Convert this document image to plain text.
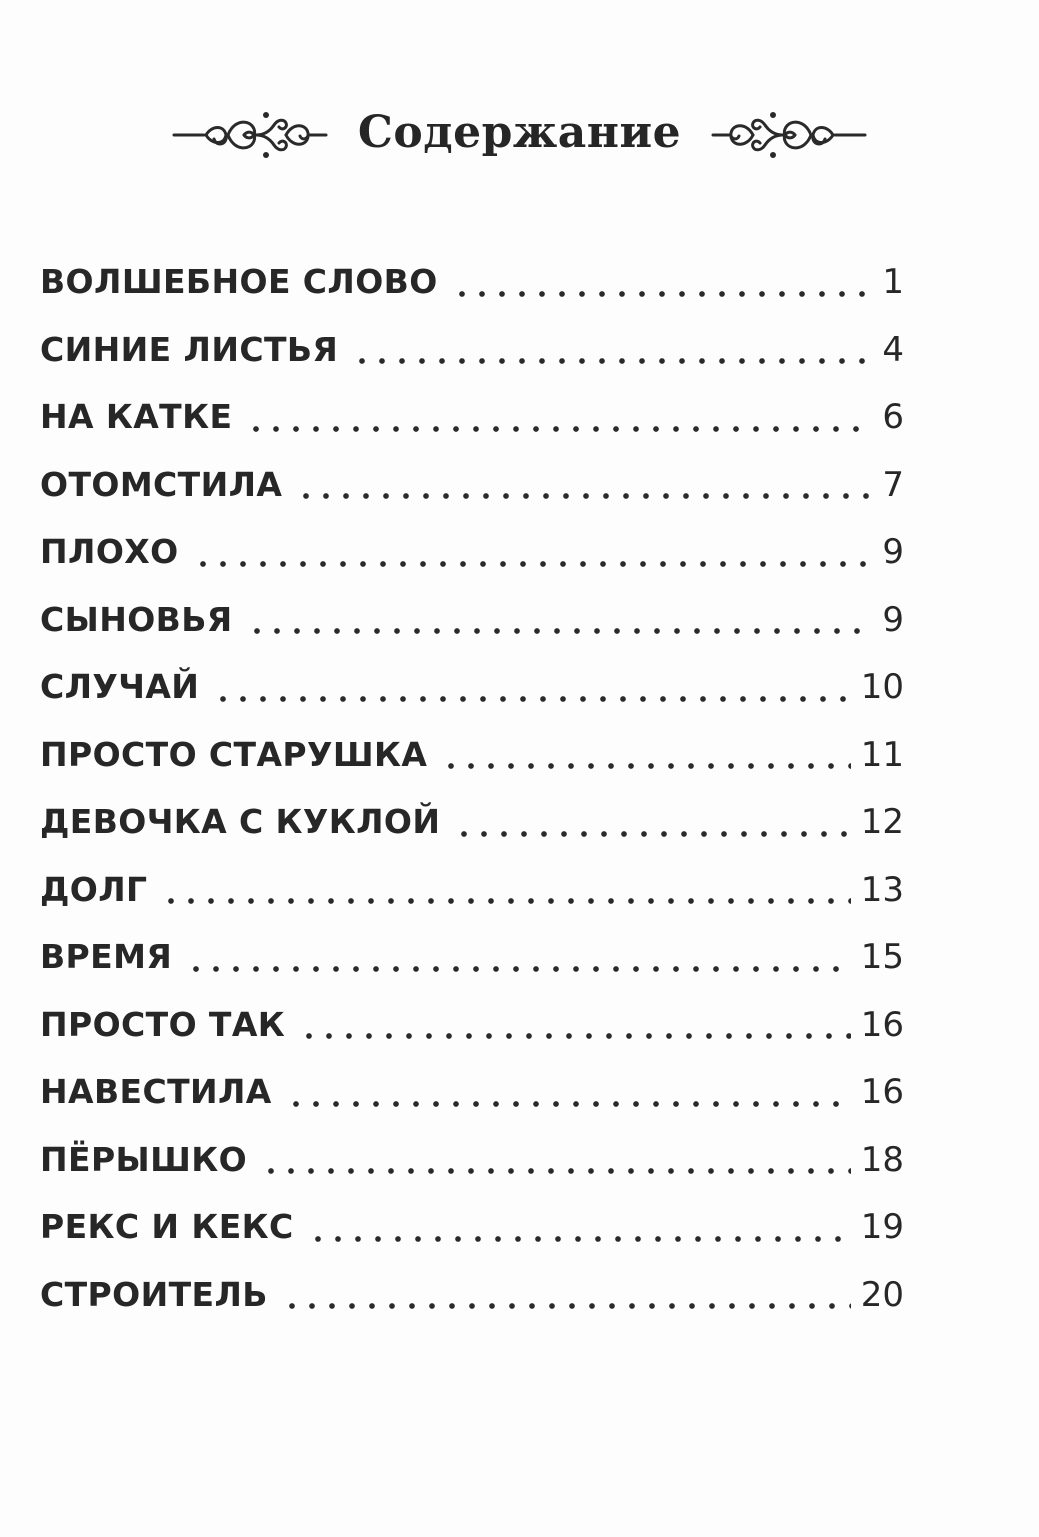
Содержание
ВОЛШЕБНОЕ СЛОВО	1
СИНИЕ ЛИСТЬЯ	4
НА КАТКЕ	6
ОТОМСТИЛА	7
ПЛОХО	9
СЫНОВЬЯ	9
СЛУЧАЙ	10
ПРОСТО СТАРУШКА	11
ДЕВОЧКА С КУКЛОЙ	12
ДОЛГ	13
ВРЕМЯ	15
ПРОСТО ТАК	16
НАВЕСТИЛА	16
ПЁРЫШКО	18
РЕКС И КЕКС	19
СТРОИТЕЛЬ	20
